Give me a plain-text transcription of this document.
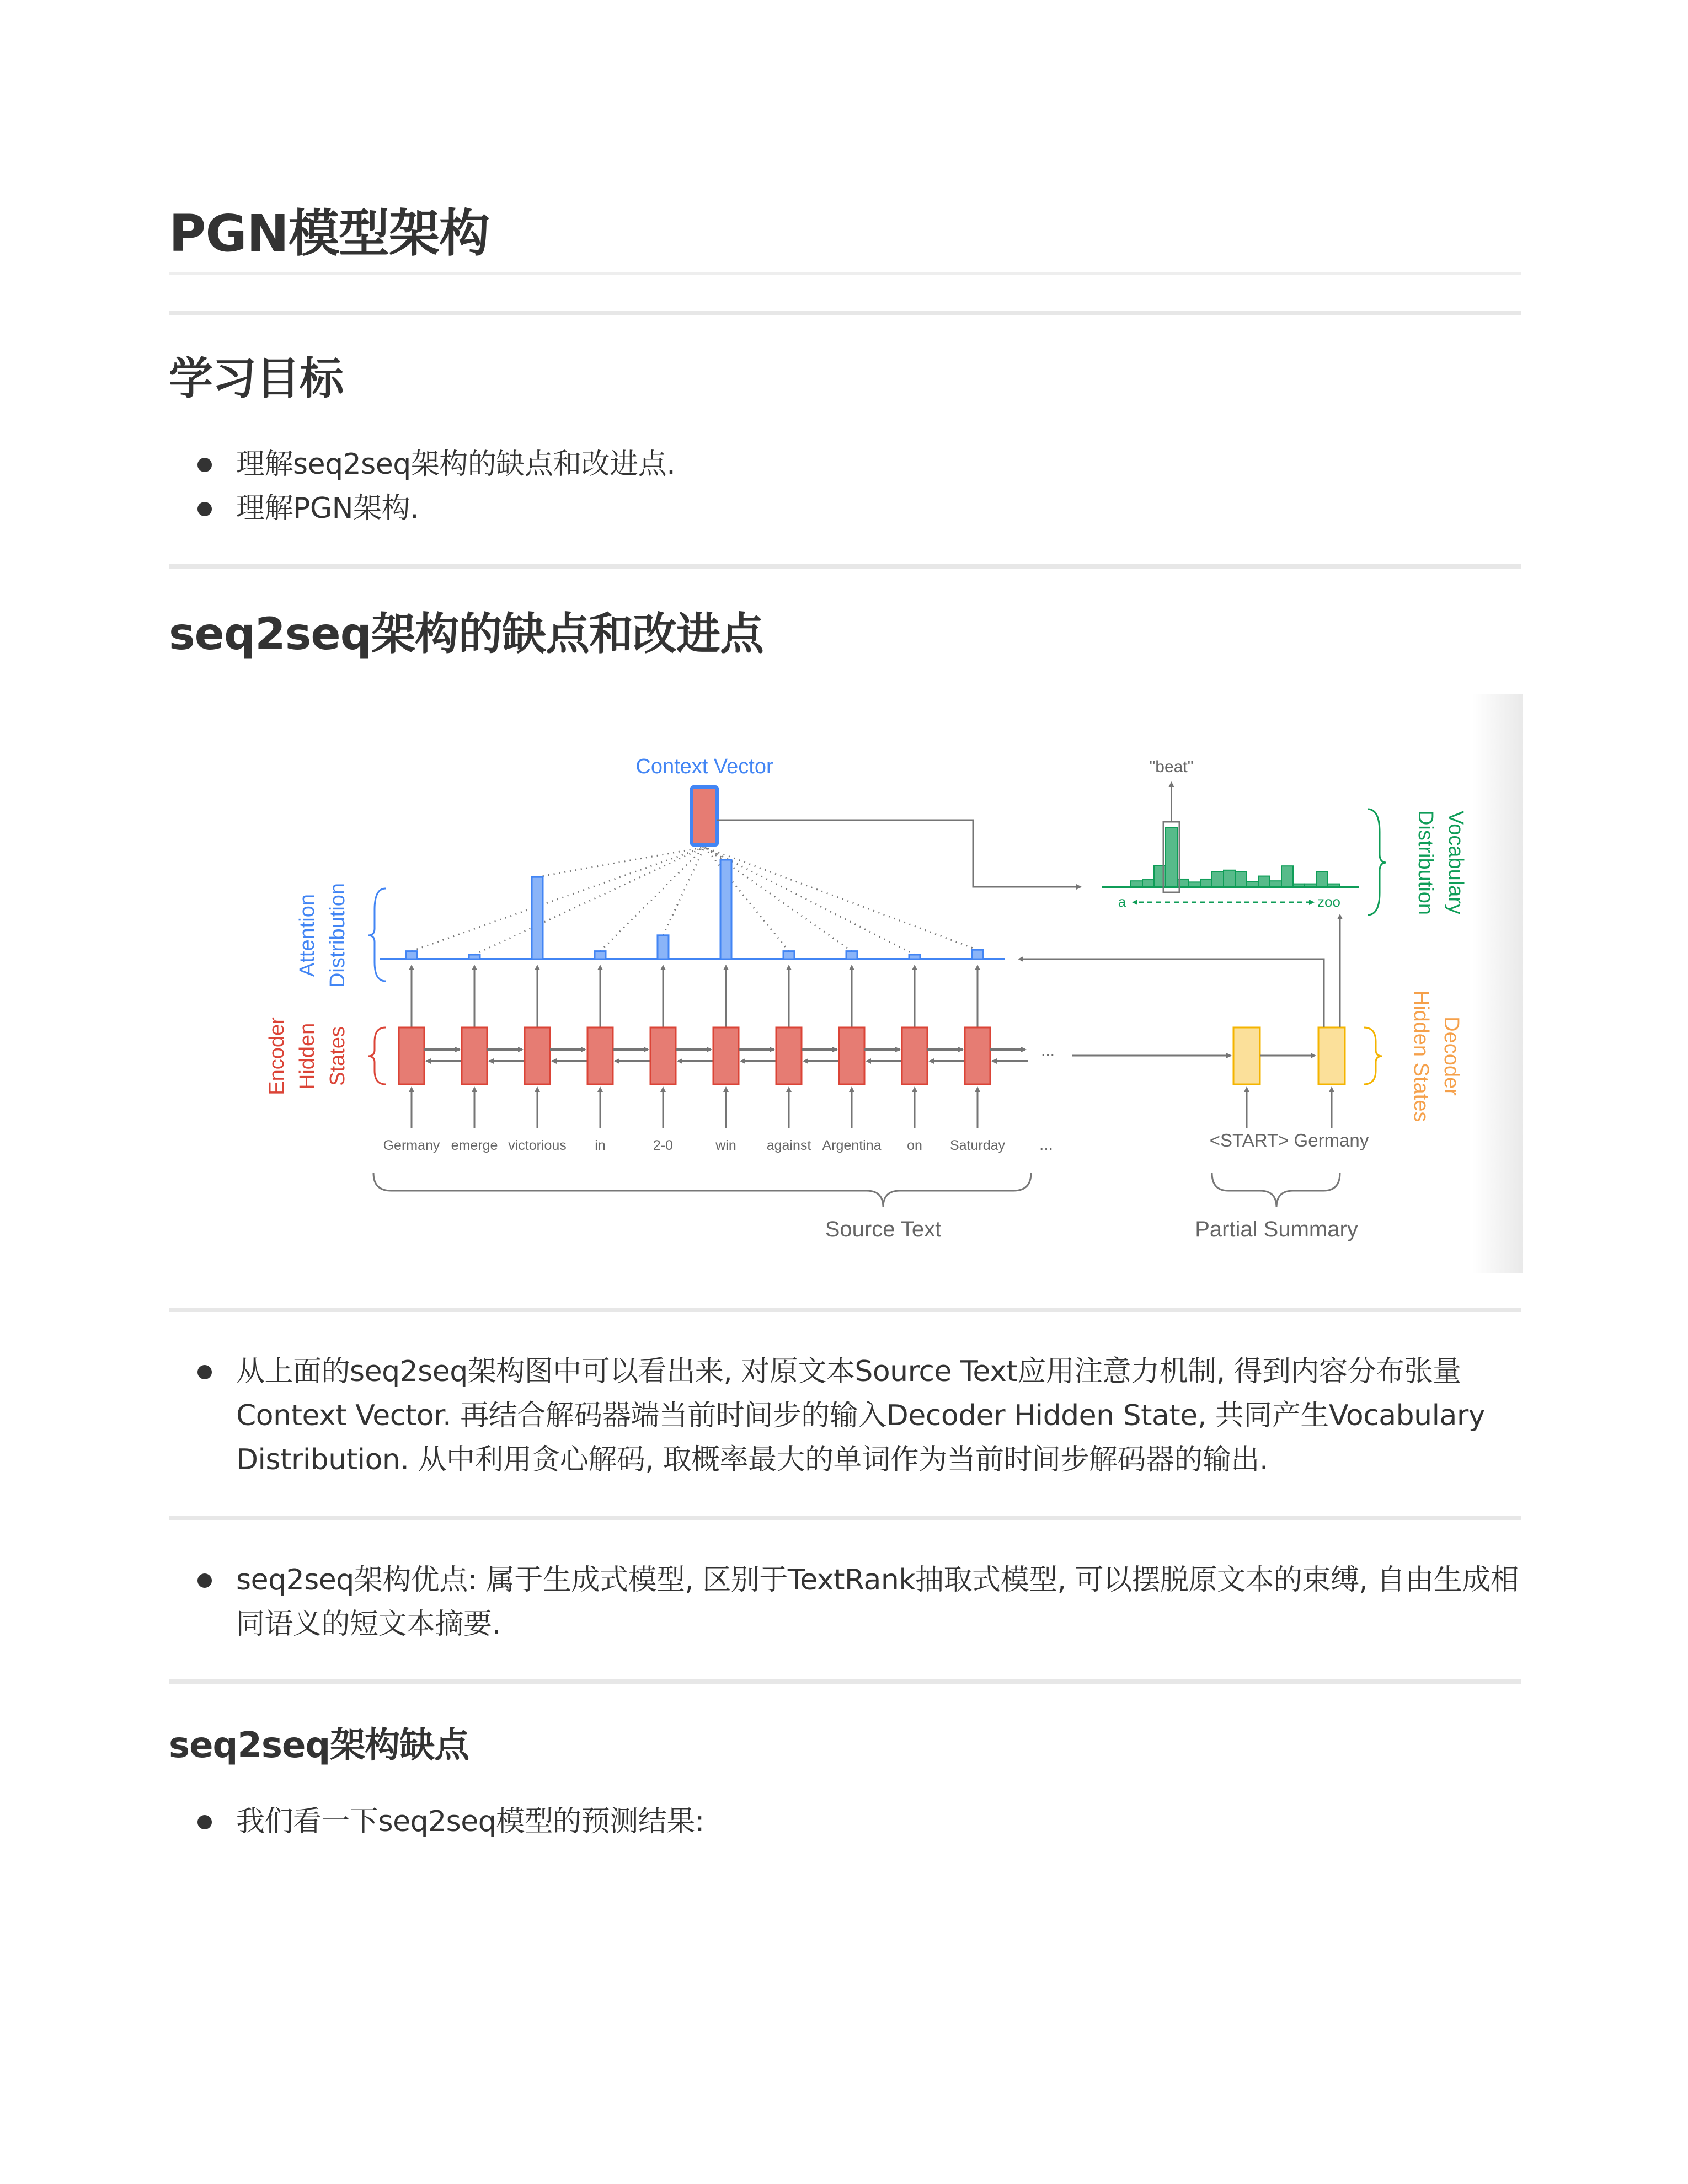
PGN模型架构
学习目标
理解seq2seq架构的缺点和改进点.
理解PGN架构.
seq2seq架构的缺点和改进点
Context Vector
Germany emerge victorious in	2-0	win against Argentina on Saturday
...
...
Encoder Hidden States
Attention Distribution
<START> Germany
Decoder
Hidden States
"beat"
a	zoo	Vocabulary
Distribution
Source Text	Partial Summary
从上面的seq2seq架构图中可以看出来, 对原文本Source Text应用注意力机制, 得到内容分布张量Context Vector. 再结合解码器端当前时间步的输入Decoder Hidden State, 共同产生Vocabulary Distribution. 从中利用贪心解码, 取概率最大的单词作为当前时间步解码器的输出.
seq2seq架构优点: 属于生成式模型, 区别于TextRank抽取式模型, 可以摆脱原文本的束缚, 自由生成相同语义的短文本摘要.
seq2seq架构缺点
我们看一下seq2seq模型的预测结果:
